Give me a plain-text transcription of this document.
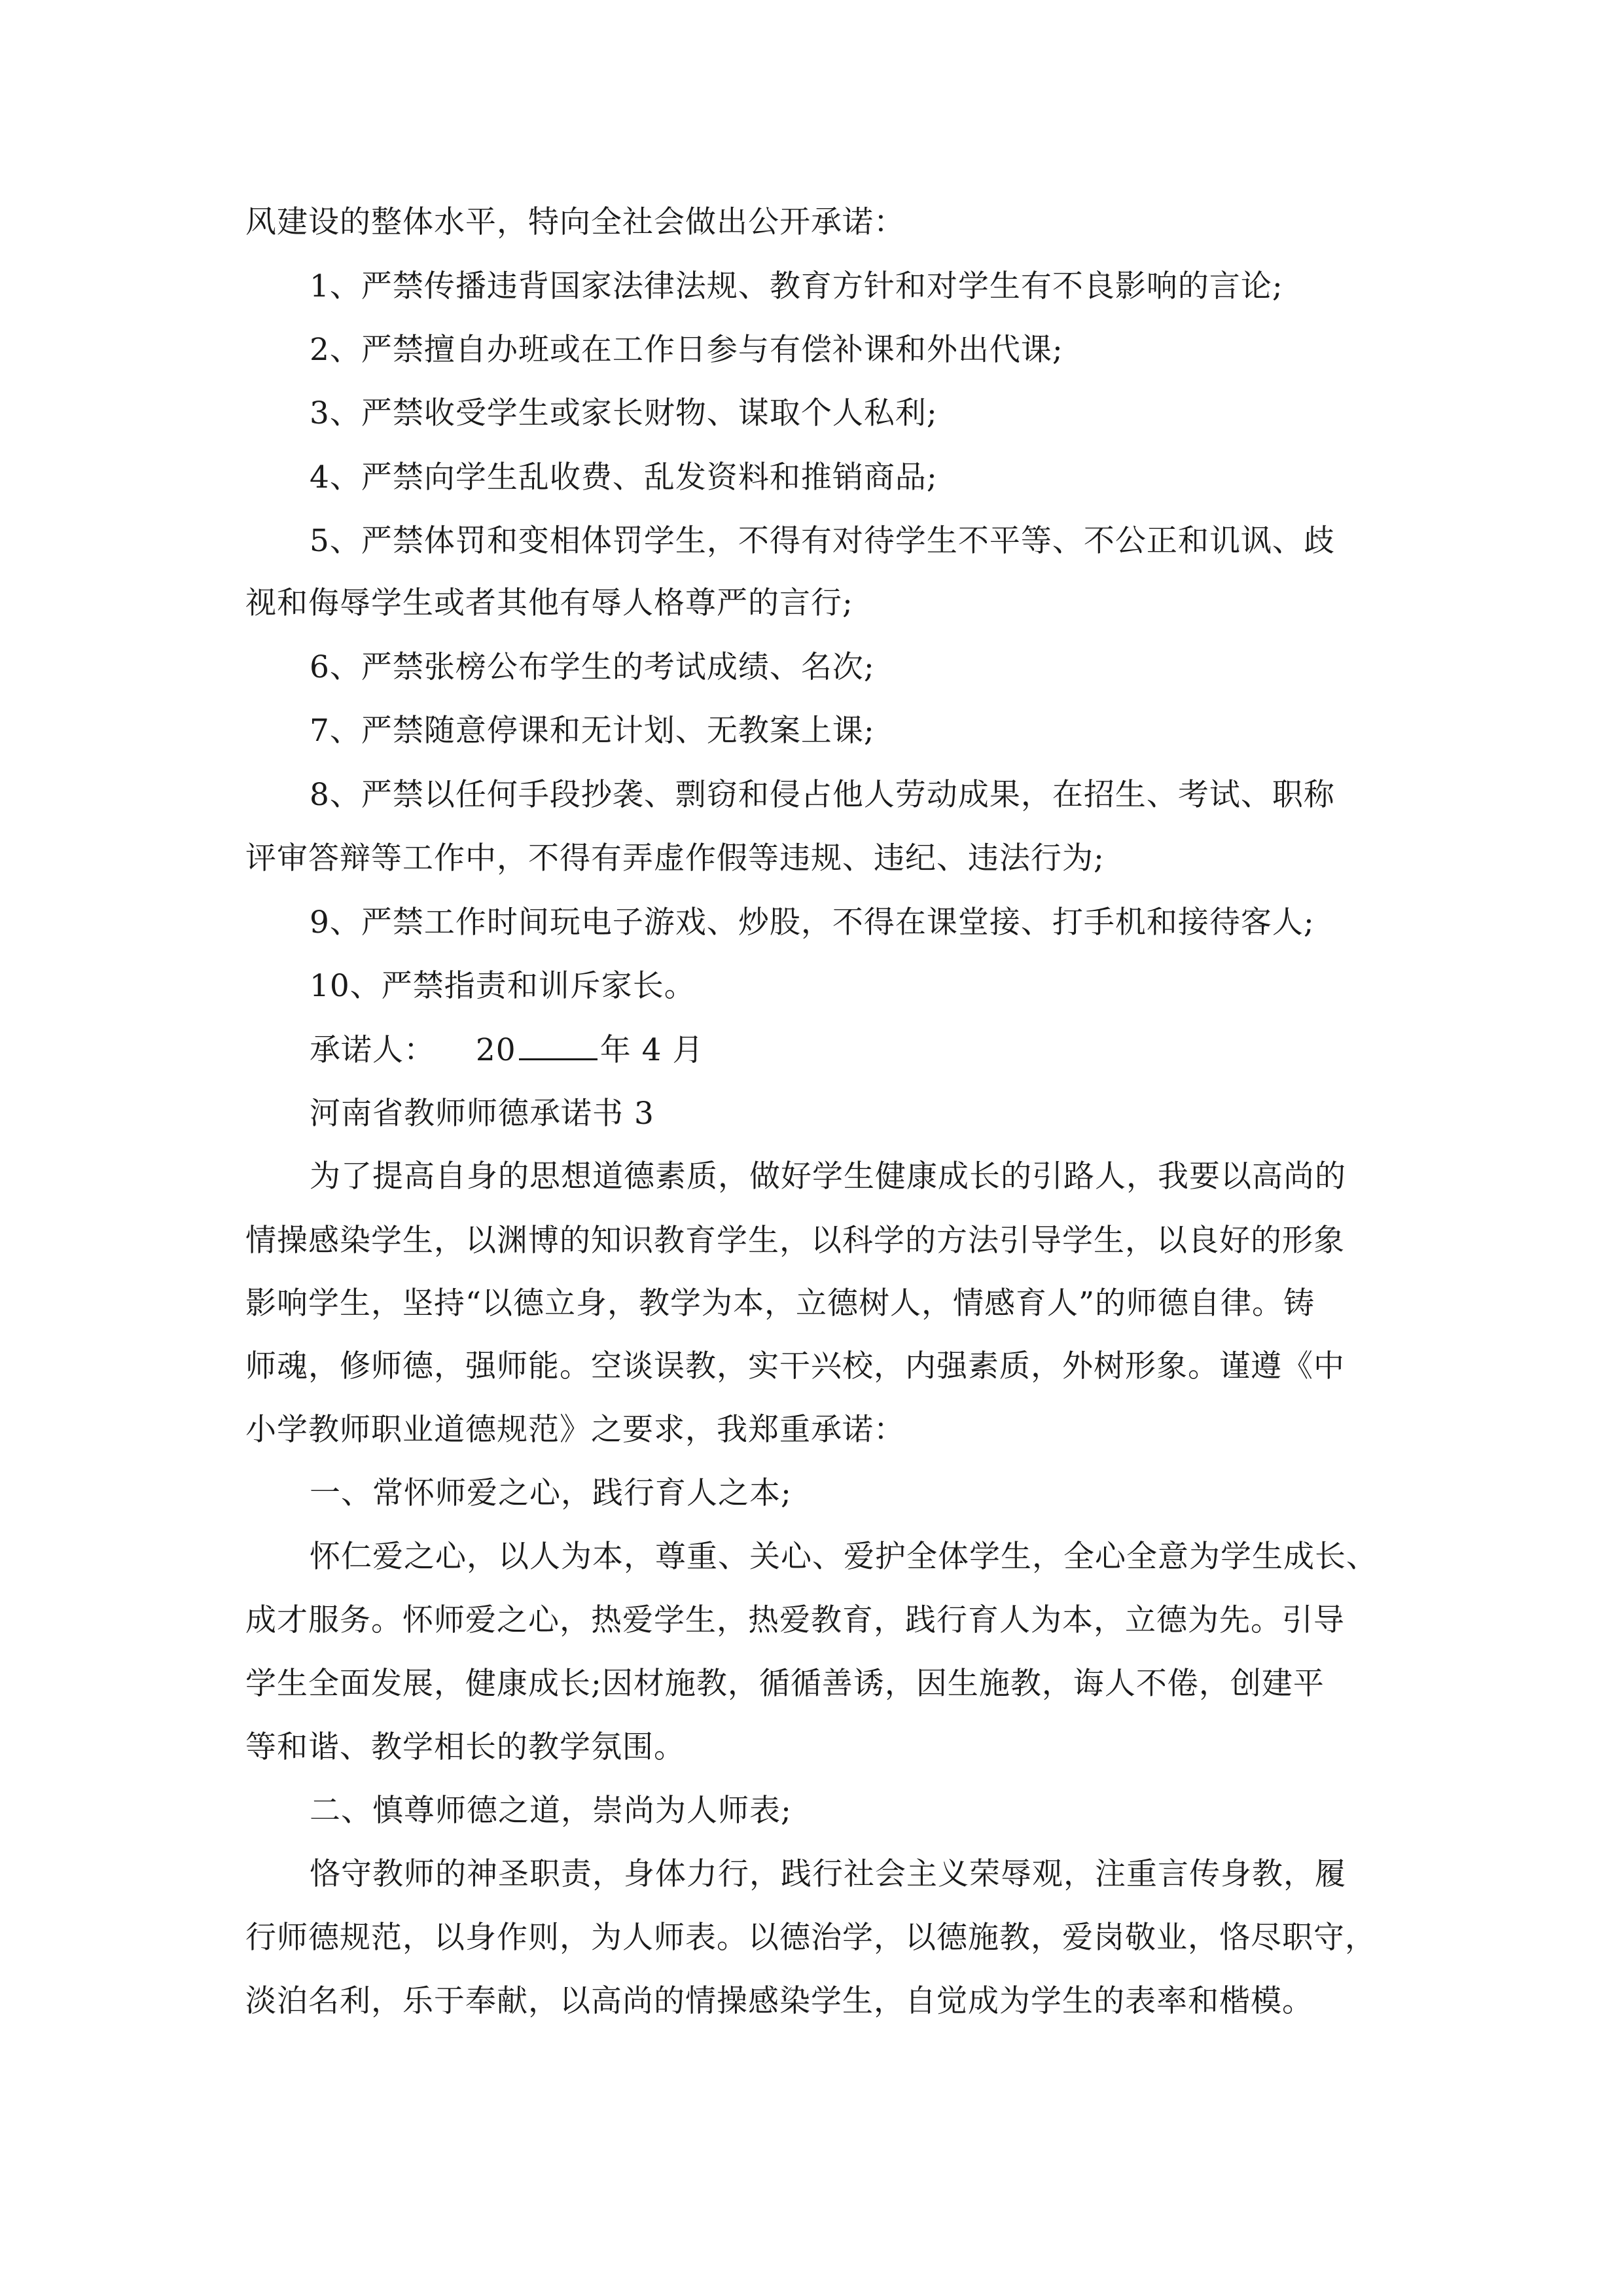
风建设的整体水平，特向全社会做出公开承诺：

1、严禁传播违背国家法律法规、教育方针和对学生有不良影响的言论;

2、严禁擅自办班或在工作日参与有偿补课和外出代课;

3、严禁收受学生或家长财物、谋取个人私利;

4、严禁向学生乱收费、乱发资料和推销商品;

5、严禁体罚和变相体罚学生，不得有对待学生不平等、不公正和讥讽、歧

视和侮辱学生或者其他有辱人格尊严的言行;

6、严禁张榜公布学生的考试成绩、名次;

7、严禁随意停课和无计划、无教案上课;

8、严禁以任何手段抄袭、剽窃和侵占他人劳动成果，在招生、考试、职称

评审答辩等工作中，不得有弄虚作假等违规、违纪、违法行为;

9、严禁工作时间玩电子游戏、炒股，不得在课堂接、打手机和接待客人;

10、严禁指责和训斥家长。

承诺人： 20	年 4 月

河南省教师师德承诺书 3

为了提高自身的思想道德素质，做好学生健康成长的引路人，我要以高尚的

情操感染学生，以渊博的知识教育学生，以科学的方法引导学生，以良好的形象

影响学生，坚持“以德立身，教学为本，立德树人，情感育人”的师德自律。铸

师魂，修师德，强师能。空谈误教，实干兴校，内强素质，外树形象。谨遵《中

小学教师职业道德规范》之要求，我郑重承诺：

一、常怀师爱之心，践行育人之本;

怀仁爱之心，以人为本，尊重、关心、爱护全体学生，全心全意为学生成长、

成才服务。怀师爱之心，热爱学生，热爱教育，践行育人为本，立德为先。引导

学生全面发展，健康成长;因材施教，循循善诱，因生施教，诲人不倦，创建平

等和谐、教学相长的教学氛围。

二、慎尊师德之道，崇尚为人师表;

恪守教师的神圣职责，身体力行，践行社会主义荣辱观，注重言传身教，履

行师德规范，以身作则，为人师表。以德治学，以德施教，爱岗敬业，恪尽职守，

淡泊名利，乐于奉献，以高尚的情操感染学生，自觉成为学生的表率和楷模。
